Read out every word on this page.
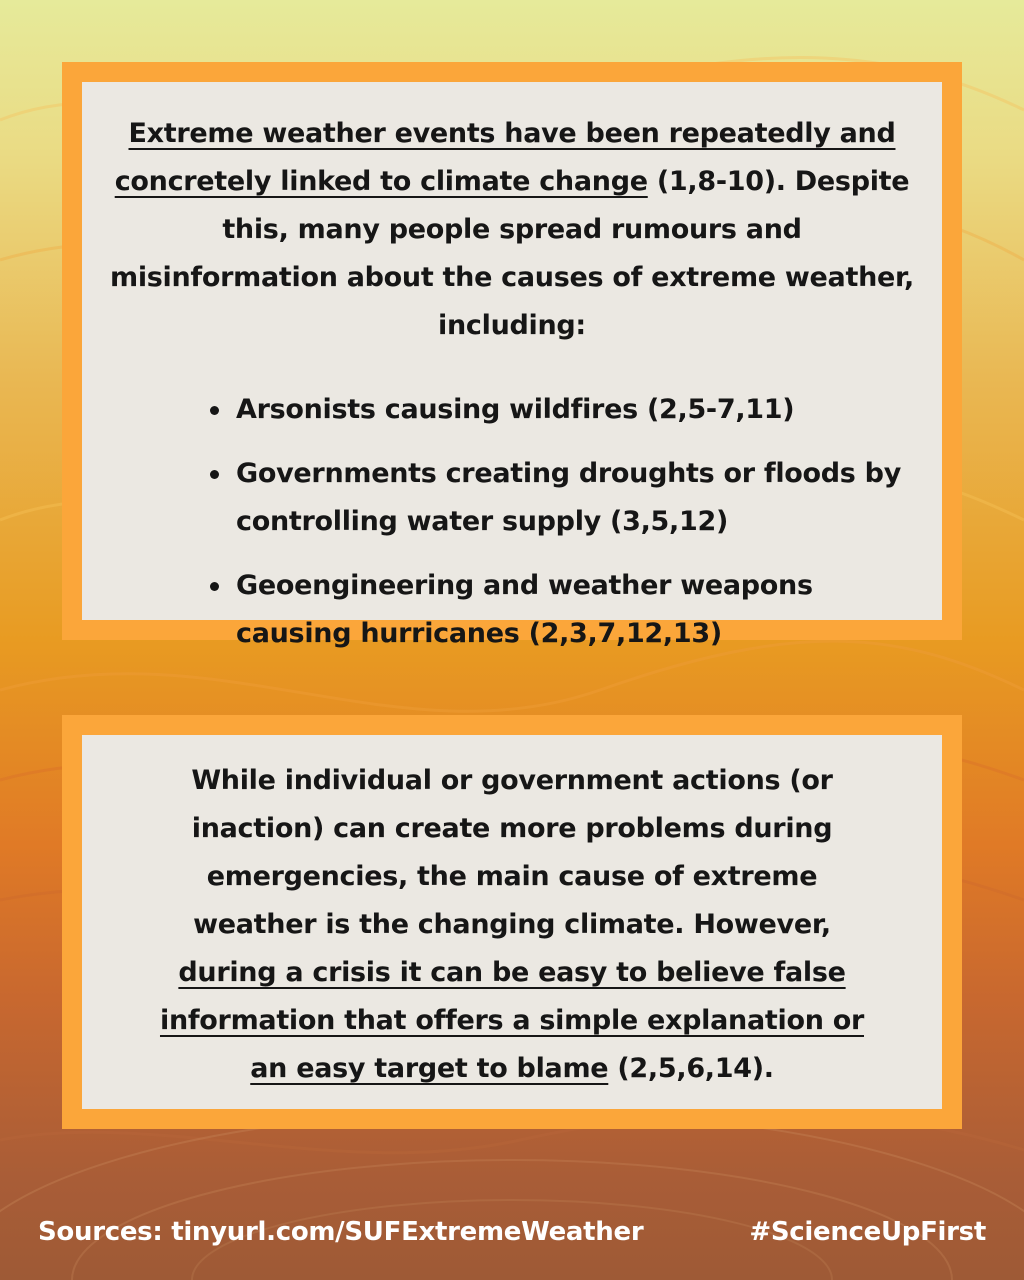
Extreme weather events have been repeatedly and concretely linked to climate change (1,8-10). Despite this, many people spread rumours and misinformation about the causes of extreme weather, including:

Arsonists causing wildfires (2,5-7,11)
Governments creating droughts or floods by controlling water supply (3,5,12)
Geoengineering and weather weapons causing hurricanes (2,3,7,12,13)

While individual or government actions (or inaction) can create more problems during emergencies, the main cause of extreme weather is the changing climate. However, during a crisis it can be easy to believe false information that offers a simple explanation or an easy target to blame (2,5,6,14).

Sources: tinyurl.com/SUFExtremeWeather	#ScienceUpFirst
